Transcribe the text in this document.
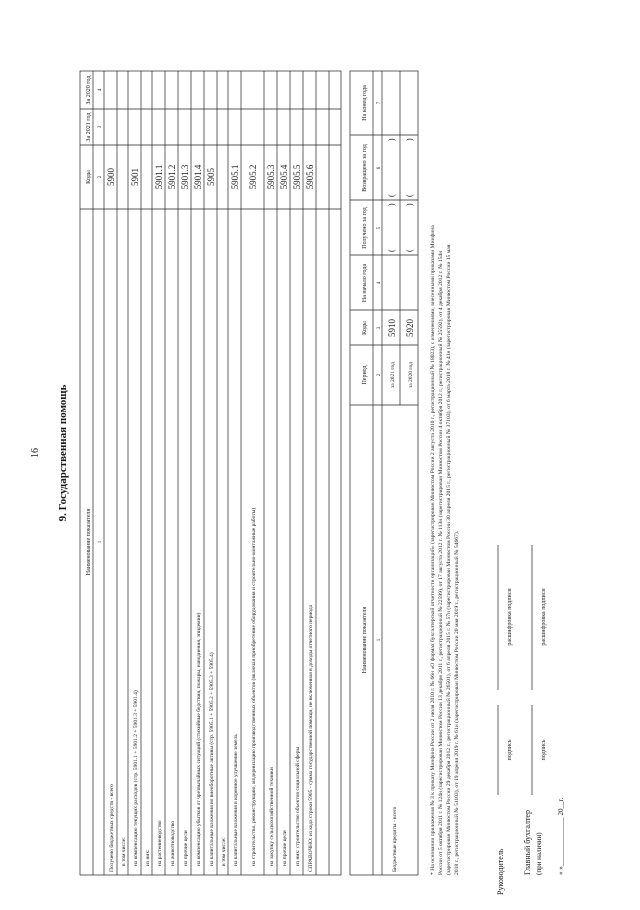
16 9. Государственная помощь
Наименование показателя
Коды
За 2021 год
За 2020 год
1
2
3
4
Получено бюджетных средств - всего в том числе: на компенсацию текущих расходов (стр. 5901.1 + 5901.2 + 5901.3 + 5901.4) из них: на растениеводство на животноводство на прочие цели на компенсацию убытков от чрезвычайных ситуаций (стихийные бедствия, пожары, наводнения, эпидемии) на капитальные вложения во внеоборотные активы (стр. 5905.1 + 5905.2 + 5905.3 + 5905.4) в том числе: на капитальные вложения в коренное улучшение земель на строительство, реконструкцию, модернизацию производственных объектов (включая приобретение оборудования и строительно-монтажные работы) на закупку сельскохозяйственной техники на прочие цели из них: строительство объектов социальной сферы СПРАВОЧНО: из кода строки 5905 - сумма государственной помощи, не включенная в доходы отчетного периода
5900 5901 5901.1 5901.2 5901.3 5901.4 5905 5905.1 5905.2 5905.3 5905.4 5905.5 5905.6
Наименование показателя
Период
Коды
На начало года
Получено за год
Возвращено за год
На конец года
1
2
3
4
5
6
7
Бюджетные кредиты - всего
за 2021 год
5910
(
)
(
)
за 2020 год
5920
(
)
(
)
* На основании приложения № 3 к приказу Минфина России от 2 июля 2010 г. № 66н «О формах бухгалтерской отчетности организаций» (зарегистрирован Минюстом России 2 августа 2010 г., регистрационный № 18023), с изменениями, внесенными приказами Минфина России от 5 октября 2011 г. № 124н (зарегистрирован Минюстом России 13 декабря 2011 г., регистрационный № 22599), от 17 августа 2012 г. № 113н (зарегистрирован Минюстом России 4 октября 2012 г., регистрационный № 25592), от 4 декабря 2012 г. № 154н (зарегистрирован Минюстом России 29 декабря 2012 г., регистрационный № 26501), от 6 апреля 2015 г. № 57н (зарегистрирован Минюстом России 30 апреля 2015 г., регистрационный № 37103), от 6 марта 2018 г. № 41н (зарегистрирован Минюстом России 15 мая 2018 г., регистрационный № 51103), от 19 апреля 2019 г. № 61н (зарегистрирован Минюстом России 20 мая 2019 г., регистрационный № 54667).	Руководитель
подпись
расшифровка подписи
Главный бухгалтер (при наличии)
подпись
расшифровка подписи
« »______________ 20__г.
